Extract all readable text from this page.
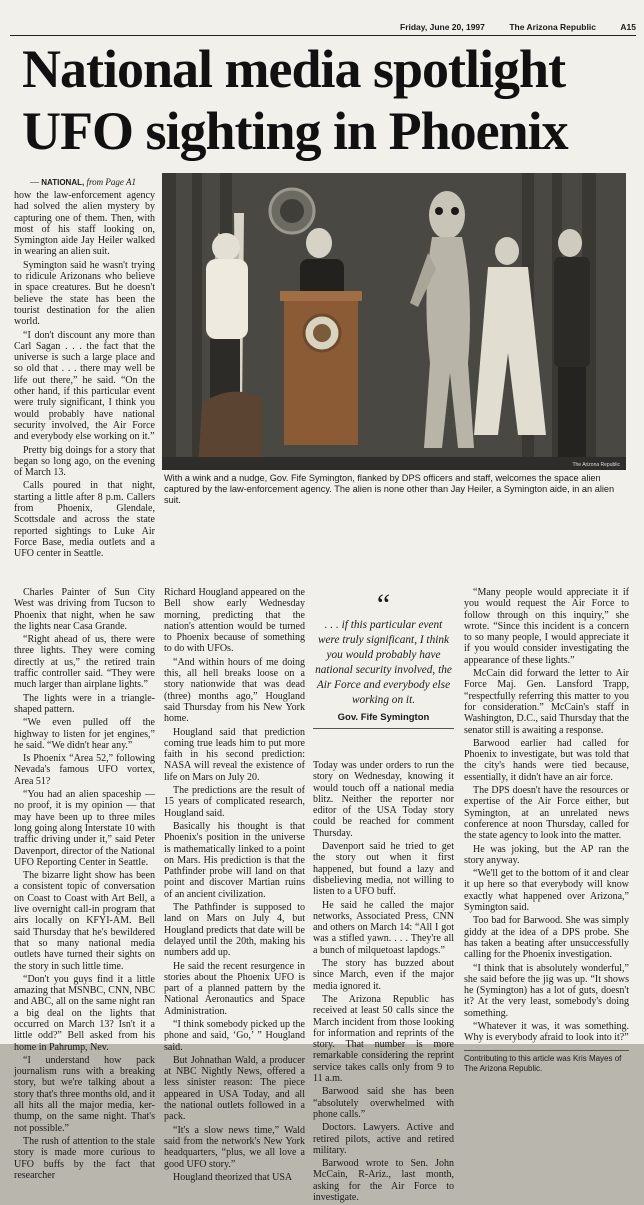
Friday, June 20, 1997	The Arizona Republic	A15
National media spotlight
UFO sighting in Phoenix
— NATIONAL, from Page A1

how the law-enforcement agency had solved the alien mystery by capturing one of them. Then, with most of his staff looking on, Symington aide Jay Heiler walked in wearing an alien suit.

Symington said he wasn't trying to ridicule Arizonans who believe in space creatures. But he doesn't believe the state has been the tourist destination for the alien world.

“I don't discount any more than Carl Sagan . . . the fact that the universe is such a large place and so old that . . . there may well be life out there,” he said. “On the other hand, if this particular event were truly significant, I think you would probably have national security involved, the Air Force and everybody else working on it.”

Pretty big doings for a story that began so long ago, on the evening of March 13.

Calls poured in that night, starting a little after 8 p.m. Callers from Phoenix, Glendale, Scottsdale and across the state reported sightings to Luke Air Force Base, media outlets and a UFO center in Seattle.

The Arizona Republic
With a wink and a nudge, Gov. Fife Symington, flanked by DPS officers and staff, welcomes the space alien captured by the law-enforcement agency. The alien is none other than Jay Heiler, a Symington aide, in an alien suit.

Charles Painter of Sun City West was driving from Tucson to Phoenix that night, when he saw the lights near Casa Grande.

“Right ahead of us, there were three lights. They were coming directly at us,” the retired train traffic controller said. “They were much larger than airplane lights.”

The lights were in a triangle-shaped pattern.

“We even pulled off the highway to listen for jet engines,” he said. “We didn't hear any.”

Is Phoenix “Area 52,” following Nevada's famous UFO vortex, Area 51?

“You had an alien spaceship — no proof, it is my opinion — that may have been up to three miles long going along Interstate 10 with traffic driving under it,” said Peter Davenport, director of the National UFO Reporting Center in Seattle.

The bizarre light show has been a consistent topic of conversation on Coast to Coast with Art Bell, a live overnight call-in program that airs locally on KFYI-AM. Bell said Thursday that he's bewildered that so many national media outlets have turned their sights on the story in such little time.

“Don't you guys find it a little amazing that MSNBC, CNN, NBC and ABC, all on the same night ran a big deal on the lights that occurred on March 13? Isn't it a little odd?” Bell asked from his home in Pahrump, Nev.

“I understand how pack journalism runs with a breaking story, but we're talking about a story that's three months old, and it all hits all the major media, ker-thump, on the same night. That's not possible.”

The rush of attention to the stale story is made more curious to UFO buffs by the fact that researcher

Richard Hougland appeared on the Bell show early Wednesday morning, predicting that the nation's attention would be turned to Phoenix because of something to do with UFOs.

“And within hours of me doing this, all hell breaks loose on a story nationwide that was dead (three) months ago,” Hougland said Thursday from his New York home.

Hougland said that prediction coming true leads him to put more faith in his second prediction: NASA will reveal the existence of life on Mars on July 20.

The predictions are the result of 15 years of complicated research, Hougland said.

Basically his thought is that Phoenix's position in the universe is mathematically linked to a point on Mars. His prediction is that the Pathfinder probe will land on that point and discover Martian ruins of an ancient civilization.

The Pathfinder is supposed to land on Mars on July 4, but Hougland predicts that date will be delayed until the 20th, making his numbers add up.

He said the recent resurgence in stories about the Phoenix UFO is part of a planned pattern by the National Aeronautics and Space Administration.

“I think somebody picked up the phone and said, ‘Go,’ ” Hougland said.

But Johnathan Wald, a producer at NBC Nightly News, offered a less sinister reason: The piece appeared in USA Today, and all the national outlets followed in a pack.

“It's a slow news time,” Wald said from the network's New York headquarters, “plus, we all love a good UFO story.”

Hougland theorized that USA

“
. . . if this particular event were truly significant, I think you would probably have national security involved, the Air Force and everybody else working on it.
Gov. Fife Symington

Today was under orders to run the story on Wednesday, knowing it would touch off a national media blitz. Neither the reporter nor editor of the USA Today story could be reached for comment Thursday.

Davenport said he tried to get the story out when it first happened, but found a lazy and disbelieving media, not willing to listen to a UFO buff.

He said he called the major networks, Associated Press, CNN and others on March 14: “All I got was a stifled yawn. . . . They're all a bunch of milquetoast lapdogs.”

The story has buzzed about since March, even if the major media ignored it.

The Arizona Republic has received at least 50 calls since the March incident from those looking for information and reprints of the story. That number is more remarkable considering the reprint service takes calls only from 9 to 11 a.m.

Barwood said she has been “absolutely overwhelmed with phone calls.”

Doctors. Lawyers. Active and retired pilots, active and retired military.

Barwood wrote to Sen. John McCain, R-Ariz., last month, asking for the Air Force to investigate.

“Many people would appreciate it if you would request the Air Force to follow through on this inquiry,” she wrote. “Since this incident is a concern to so many people, I would appreciate it if you would consider investigating the appearance of these lights.”

McCain did forward the letter to Air Force Maj. Gen. Lansford Trapp, “respectfully referring this matter to you for consideration.” McCain's staff in Washington, D.C., said Thursday that the senator still is awaiting a response.

Barwood earlier had called for Phoenix to investigate, but was told that the city's hands were tied because, essentially, it didn't have an air force.

The DPS doesn't have the resources or expertise of the Air Force either, but Symington, at an unrelated news conference at noon Thursday, called for the state agency to look into the matter.

He was joking, but the AP ran the story anyway.

“We'll get to the bottom of it and clear it up here so that everybody will know exactly what happened over Arizona,” Symington said.

Too bad for Barwood. She was simply giddy at the idea of a DPS probe. She has taken a beating after unsuccessfully calling for the Phoenix investigation.

“I think that is absolutely wonderful,” she said before the jig was up. “It shows he (Symington) has a lot of guts, doesn't it? At the very least, somebody's doing something.

“Whatever it was, it was something. Why is everybody afraid to look into it?”

Contributing to this article was Kris Mayes of The Arizona Republic.
